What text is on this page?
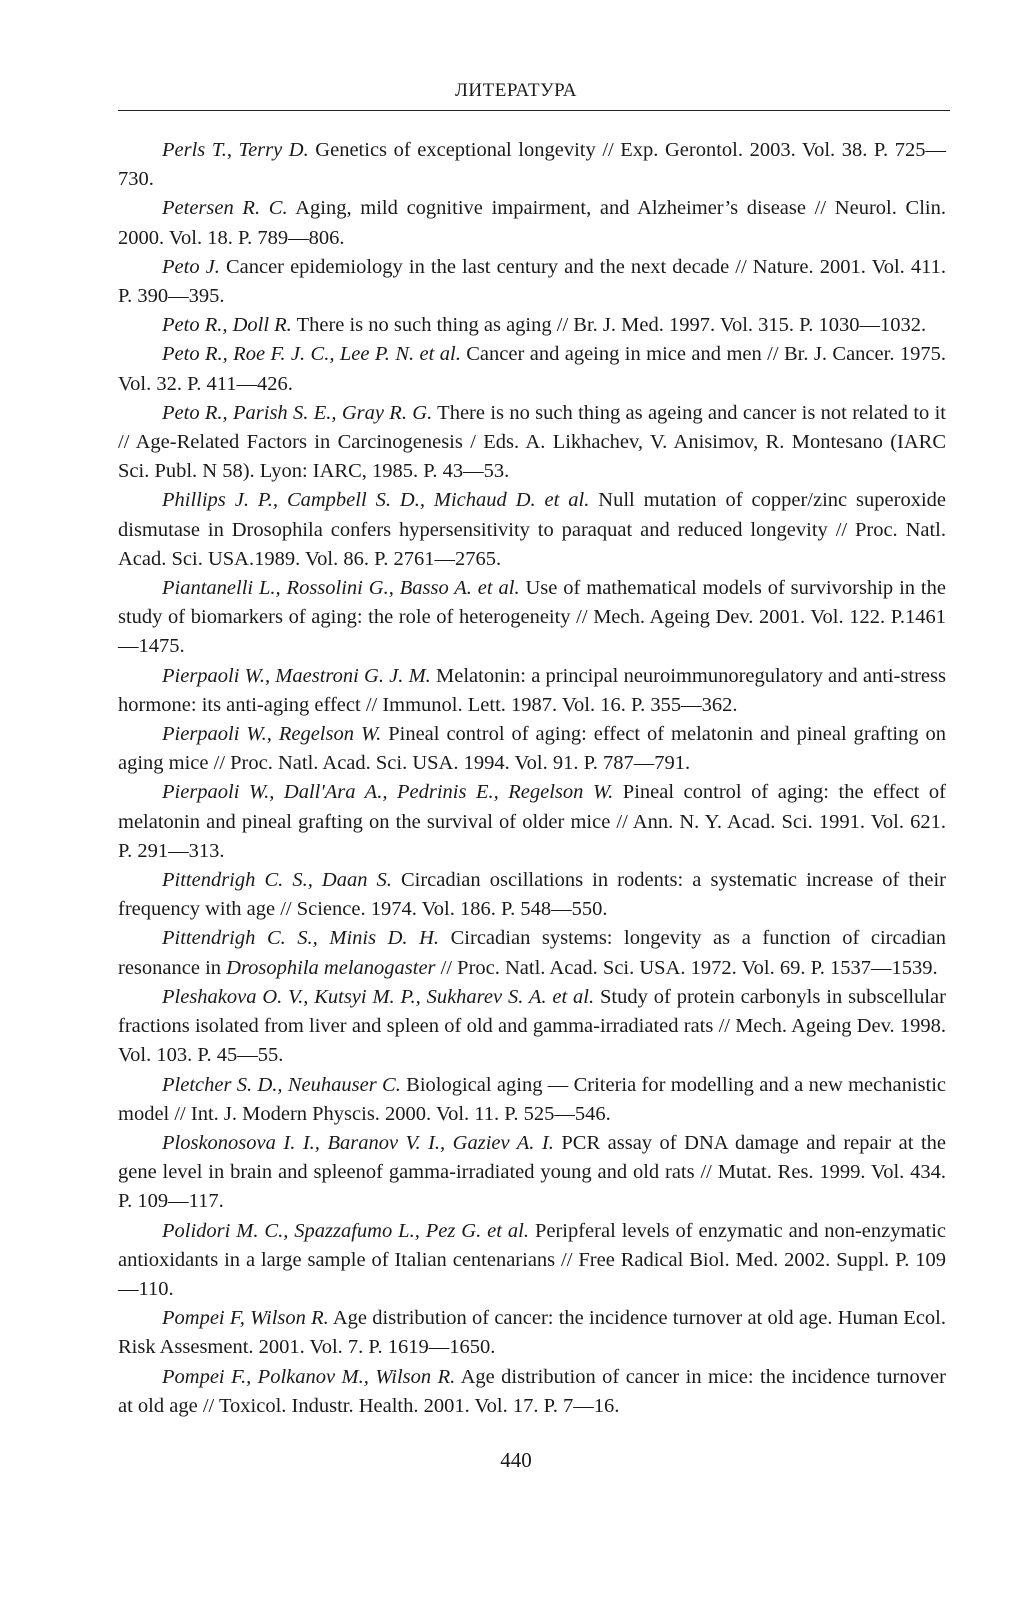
ЛИТЕРАТУРА

Perls T., Terry D. Genetics of exceptional longevity // Exp. Gerontol. 2003. Vol. 38. P. 725—730.

Petersen R. C. Aging, mild cognitive impairment, and Alzheimer’s disease // Neurol. Clin. 2000. Vol. 18. P. 789—806.

Peto J. Cancer epidemiology in the last century and the next decade // Nature. 2001. Vol. 411. P. 390—395.

Peto R., Doll R. There is no such thing as aging // Br. J. Med. 1997. Vol. 315. P. 1030—1032.

Peto R., Roe F. J. C., Lee P. N. et al. Cancer and ageing in mice and men // Br. J. Cancer. 1975. Vol. 32. P. 411—426.

Peto R., Parish S. E., Gray R. G. There is no such thing as ageing and cancer is not related to it // Age-Related Factors in Carcinogenesis / Eds. A. Likhachev, V. Anisimov, R. Montesano (IARC Sci. Publ. N 58). Lyon: IARC, 1985. P. 43—53.

Phillips J. P., Campbell S. D., Michaud D. et al. Null mutation of copper/zinc superoxide dismutase in Drosophila confers hypersensitivity to paraquat and reduced longevity // Proc. Natl. Acad. Sci. USA.1989. Vol. 86. P. 2761—2765.

Piantanelli L., Rossolini G., Basso A. et al. Use of mathematical models of survivorship in the study of biomarkers of aging: the role of heterogeneity // Mech. Ageing Dev. 2001. Vol. 122. P.1461—1475.

Pierpaoli W., Maestroni G. J. M. Melatonin: a principal neuroimmunoregulatory and anti-stress hormone: its anti-aging effect // Immunol. Lett. 1987. Vol. 16. P. 355—362.

Pierpaoli W., Regelson W. Pineal control of aging: effect of melatonin and pineal grafting on aging mice // Proc. Natl. Acad. Sci. USA. 1994. Vol. 91. P. 787—791.

Pierpaoli W., Dall'Ara A., Pedrinis E., Regelson W. Pineal control of aging: the effect of melatonin and pineal grafting on the survival of older mice // Ann. N. Y. Acad. Sci. 1991. Vol. 621. P. 291—313.

Pittendrigh C. S., Daan S. Circadian oscillations in rodents: a systematic increase of their frequency with age // Science. 1974. Vol. 186. P. 548—550.

Pittendrigh C. S., Minis D. H. Circadian systems: longevity as a function of circadian resonance in Drosophila melanogaster // Proc. Natl. Acad. Sci. USA. 1972. Vol. 69. P. 1537—1539.

Pleshakova O. V., Kutsyi M. P., Sukharev S. A. et al. Study of protein carbonyls in subscellular fractions isolated from liver and spleen of old and gamma-irradiated rats // Mech. Ageing Dev. 1998. Vol. 103. P. 45—55.

Pletcher S. D., Neuhauser C. Biological aging — Criteria for modelling and a new mechanistic model // Int. J. Modern Physcis. 2000. Vol. 11. P. 525—546.

Ploskonosova I. I., Baranov V. I., Gaziev A. I. PCR assay of DNA damage and repair at the gene level in brain and spleenof gamma-irradiated young and old rats // Mutat. Res. 1999. Vol. 434. P. 109—117.

Polidori M. C., Spazzafumo L., Pez G. et al. Peripferal levels of enzymatic and non-enzymatic antioxidants in a large sample of Italian centenarians // Free Radical Biol. Med. 2002. Suppl. P. 109—110.

Pompei F, Wilson R. Age distribution of cancer: the incidence turnover at old age. Human Ecol. Risk Assesment. 2001. Vol. 7. P. 1619—1650.

Pompei F., Polkanov M., Wilson R. Age distribution of cancer in mice: the incidence turnover at old age // Toxicol. Industr. Health. 2001. Vol. 17. P. 7—16.

440
